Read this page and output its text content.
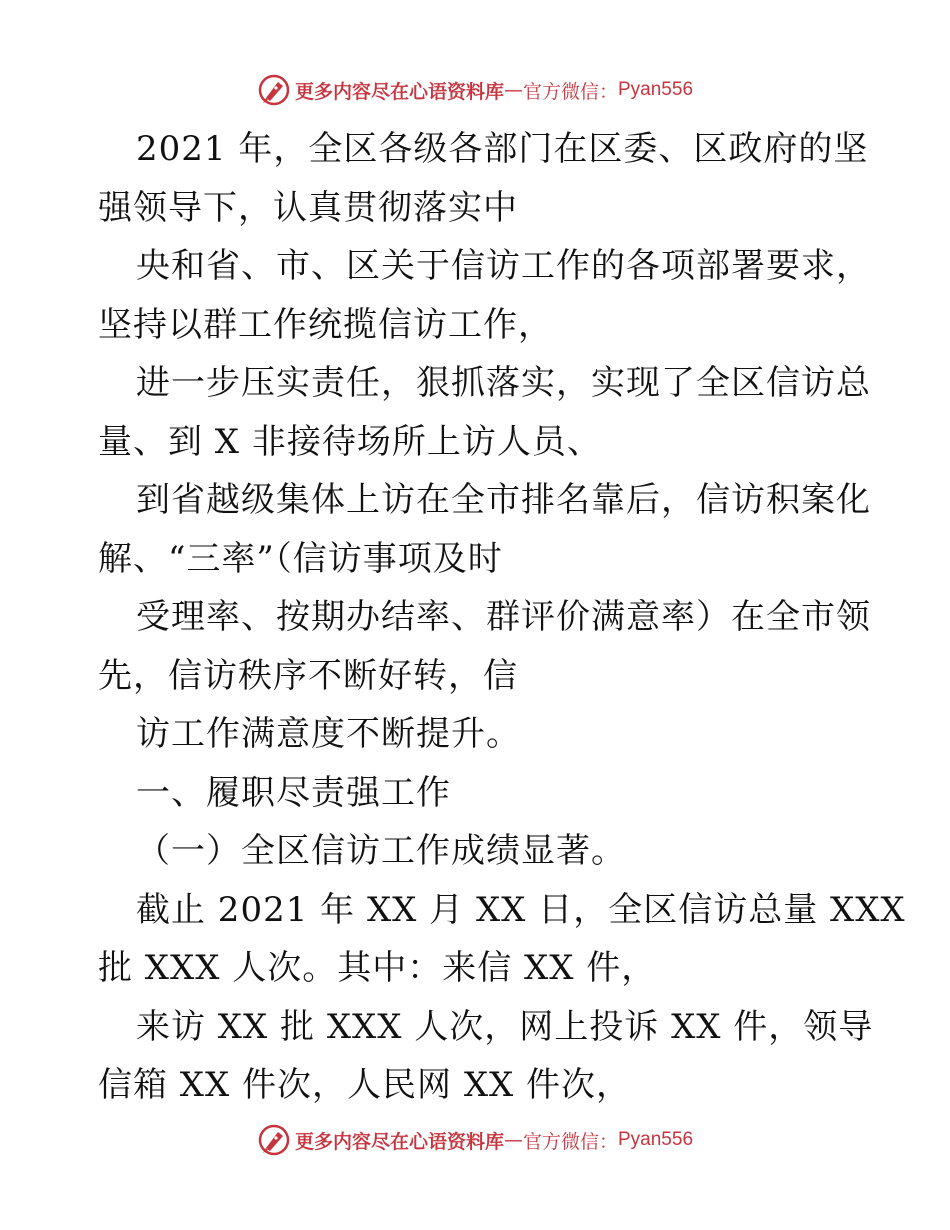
更多内容尽在心语资料库 — 官方微信： Pyan556
2021 年，全区各级各部门在区委、区政府的坚
强领导下，认真贯彻落实中
央和省、市、区关于信访工作的各项部署要求，
坚持以群工作统揽信访工作，
进一步压实责任，狠抓落实，实现了全区信访总
量、到 X 非接待场所上访人员、
到省越级集体上访在全市排名靠后，信访积案化
解、“三率”（信访事项及时
受理率、按期办结率、群评价满意率）在全市领
先，信访秩序不断好转，信
访工作满意度不断提升。
一、履职尽责强工作
（一）全区信访工作成绩显著。
截止 2021 年 XX 月 XX 日，全区信访总量 XXX
批 XXX 人次。其中：来信 XX 件，
来访 XX 批 XXX 人次，网上投诉 XX 件，领导
信箱 XX 件次，人民网 XX 件次，
更多内容尽在心语资料库 — 官方微信： Pyan556
